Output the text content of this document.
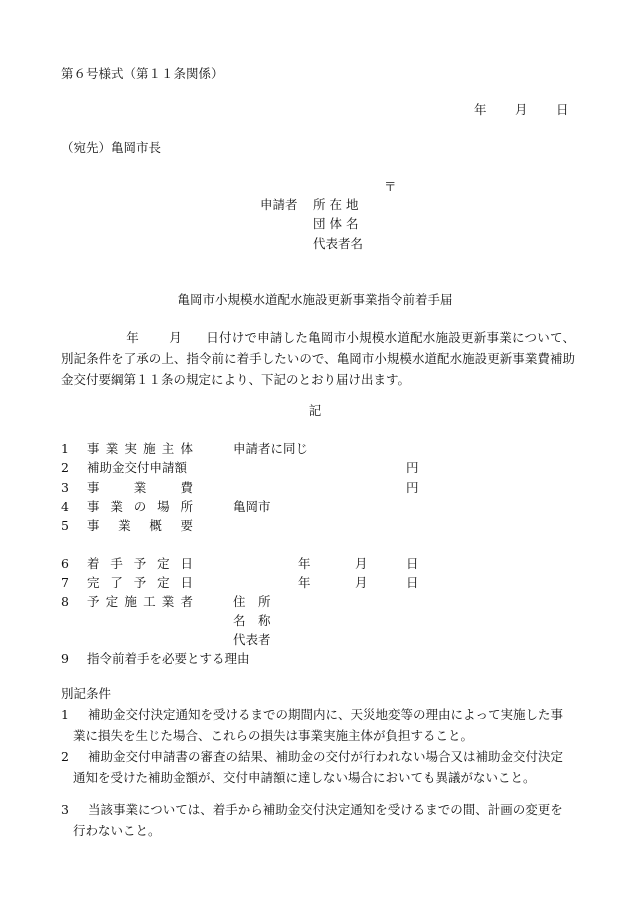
第６号様式（第１１条関係）
年 月 日
（宛先）亀岡市長
〒
申請者 所 在 地
団 体 名
代表者名
亀岡市小規模水道配水施設更新事業指令前着手届
年 月 日付けで申請した亀岡市小規模水道配水施設更新事業について、別記条件を了承の上、指令前に着手したいので、亀岡市小規模水道配水施設更新事業費補助金交付要綱第１１条の規定により、下記のとおり届け出ます。
記
1 事業実施主体	申請者に同じ
2 補助金交付申請額	円
3 事業費	円
4 事業の場所	亀岡市
5 事業概要
6 着手予定日	年	月	日
7 完了予定日	年	月	日
8 予定施工業者	住　所
名　称
代表者
9 指令前着手を必要とする理由
別記条件
1	補助金交付決定通知を受けるまでの期間内に、天災地変等の理由によって実施した事業に損失を生じた場合、これらの損失は事業実施主体が負担すること。
2	補助金交付申請書の審査の結果、補助金の交付が行われない場合又は補助金交付決定通知を受けた補助金額が、交付申請額に達しない場合においても異議がないこと。
3	当該事業については、着手から補助金交付決定通知を受けるまでの間、計画の変更を行わないこと。
